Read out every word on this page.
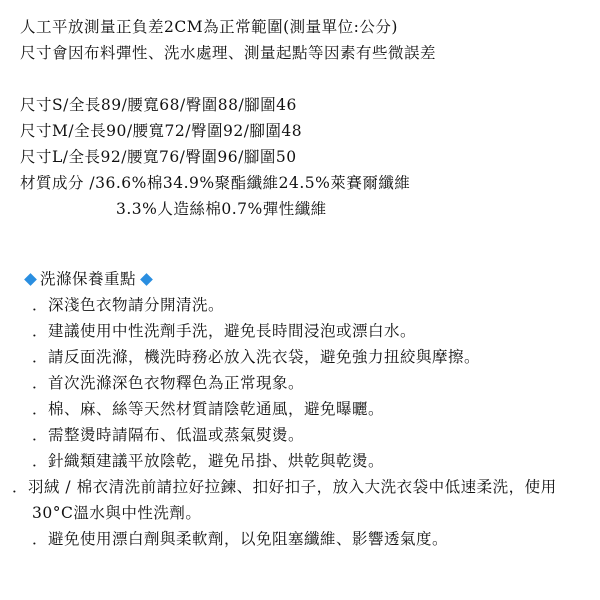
人工平放測量正負差2CM為正常範圍(測量單位:公分)
尺寸會因布料彈性、洗水處理、測量起點等因素有些微誤差
尺寸S/全長89/腰寬68/臀圍88/腳圍46
尺寸M/全長90/腰寬72/臀圍92/腳圍48
尺寸L/全長92/腰寬76/臀圍96/腳圍50
材質成分 /36.6%棉34.9%聚酯纖維24.5%萊賽爾纖維
3.3%人造絲棉0.7%彈性纖維
洗滌保養重點
．深淺色衣物請分開清洗。
．建議使用中性洗劑手洗，避免長時間浸泡或漂白水。
．請反面洗滌，機洗時務必放入洗衣袋，避免強力扭絞與摩擦。
．首次洗滌深色衣物釋色為正常現象。
．棉、麻、絲等天然材質請陰乾通風，避免曝曬。
．需整燙時請隔布、低溫或蒸氣熨燙。
．針織類建議平放陰乾，避免吊掛、烘乾與乾燙。
．羽絨 / 棉衣清洗前請拉好拉鍊、扣好扣子，放入大洗衣袋中低速柔洗，使用30°C溫水與中性洗劑。
．避免使用漂白劑與柔軟劑，以免阻塞纖維、影響透氣度。
